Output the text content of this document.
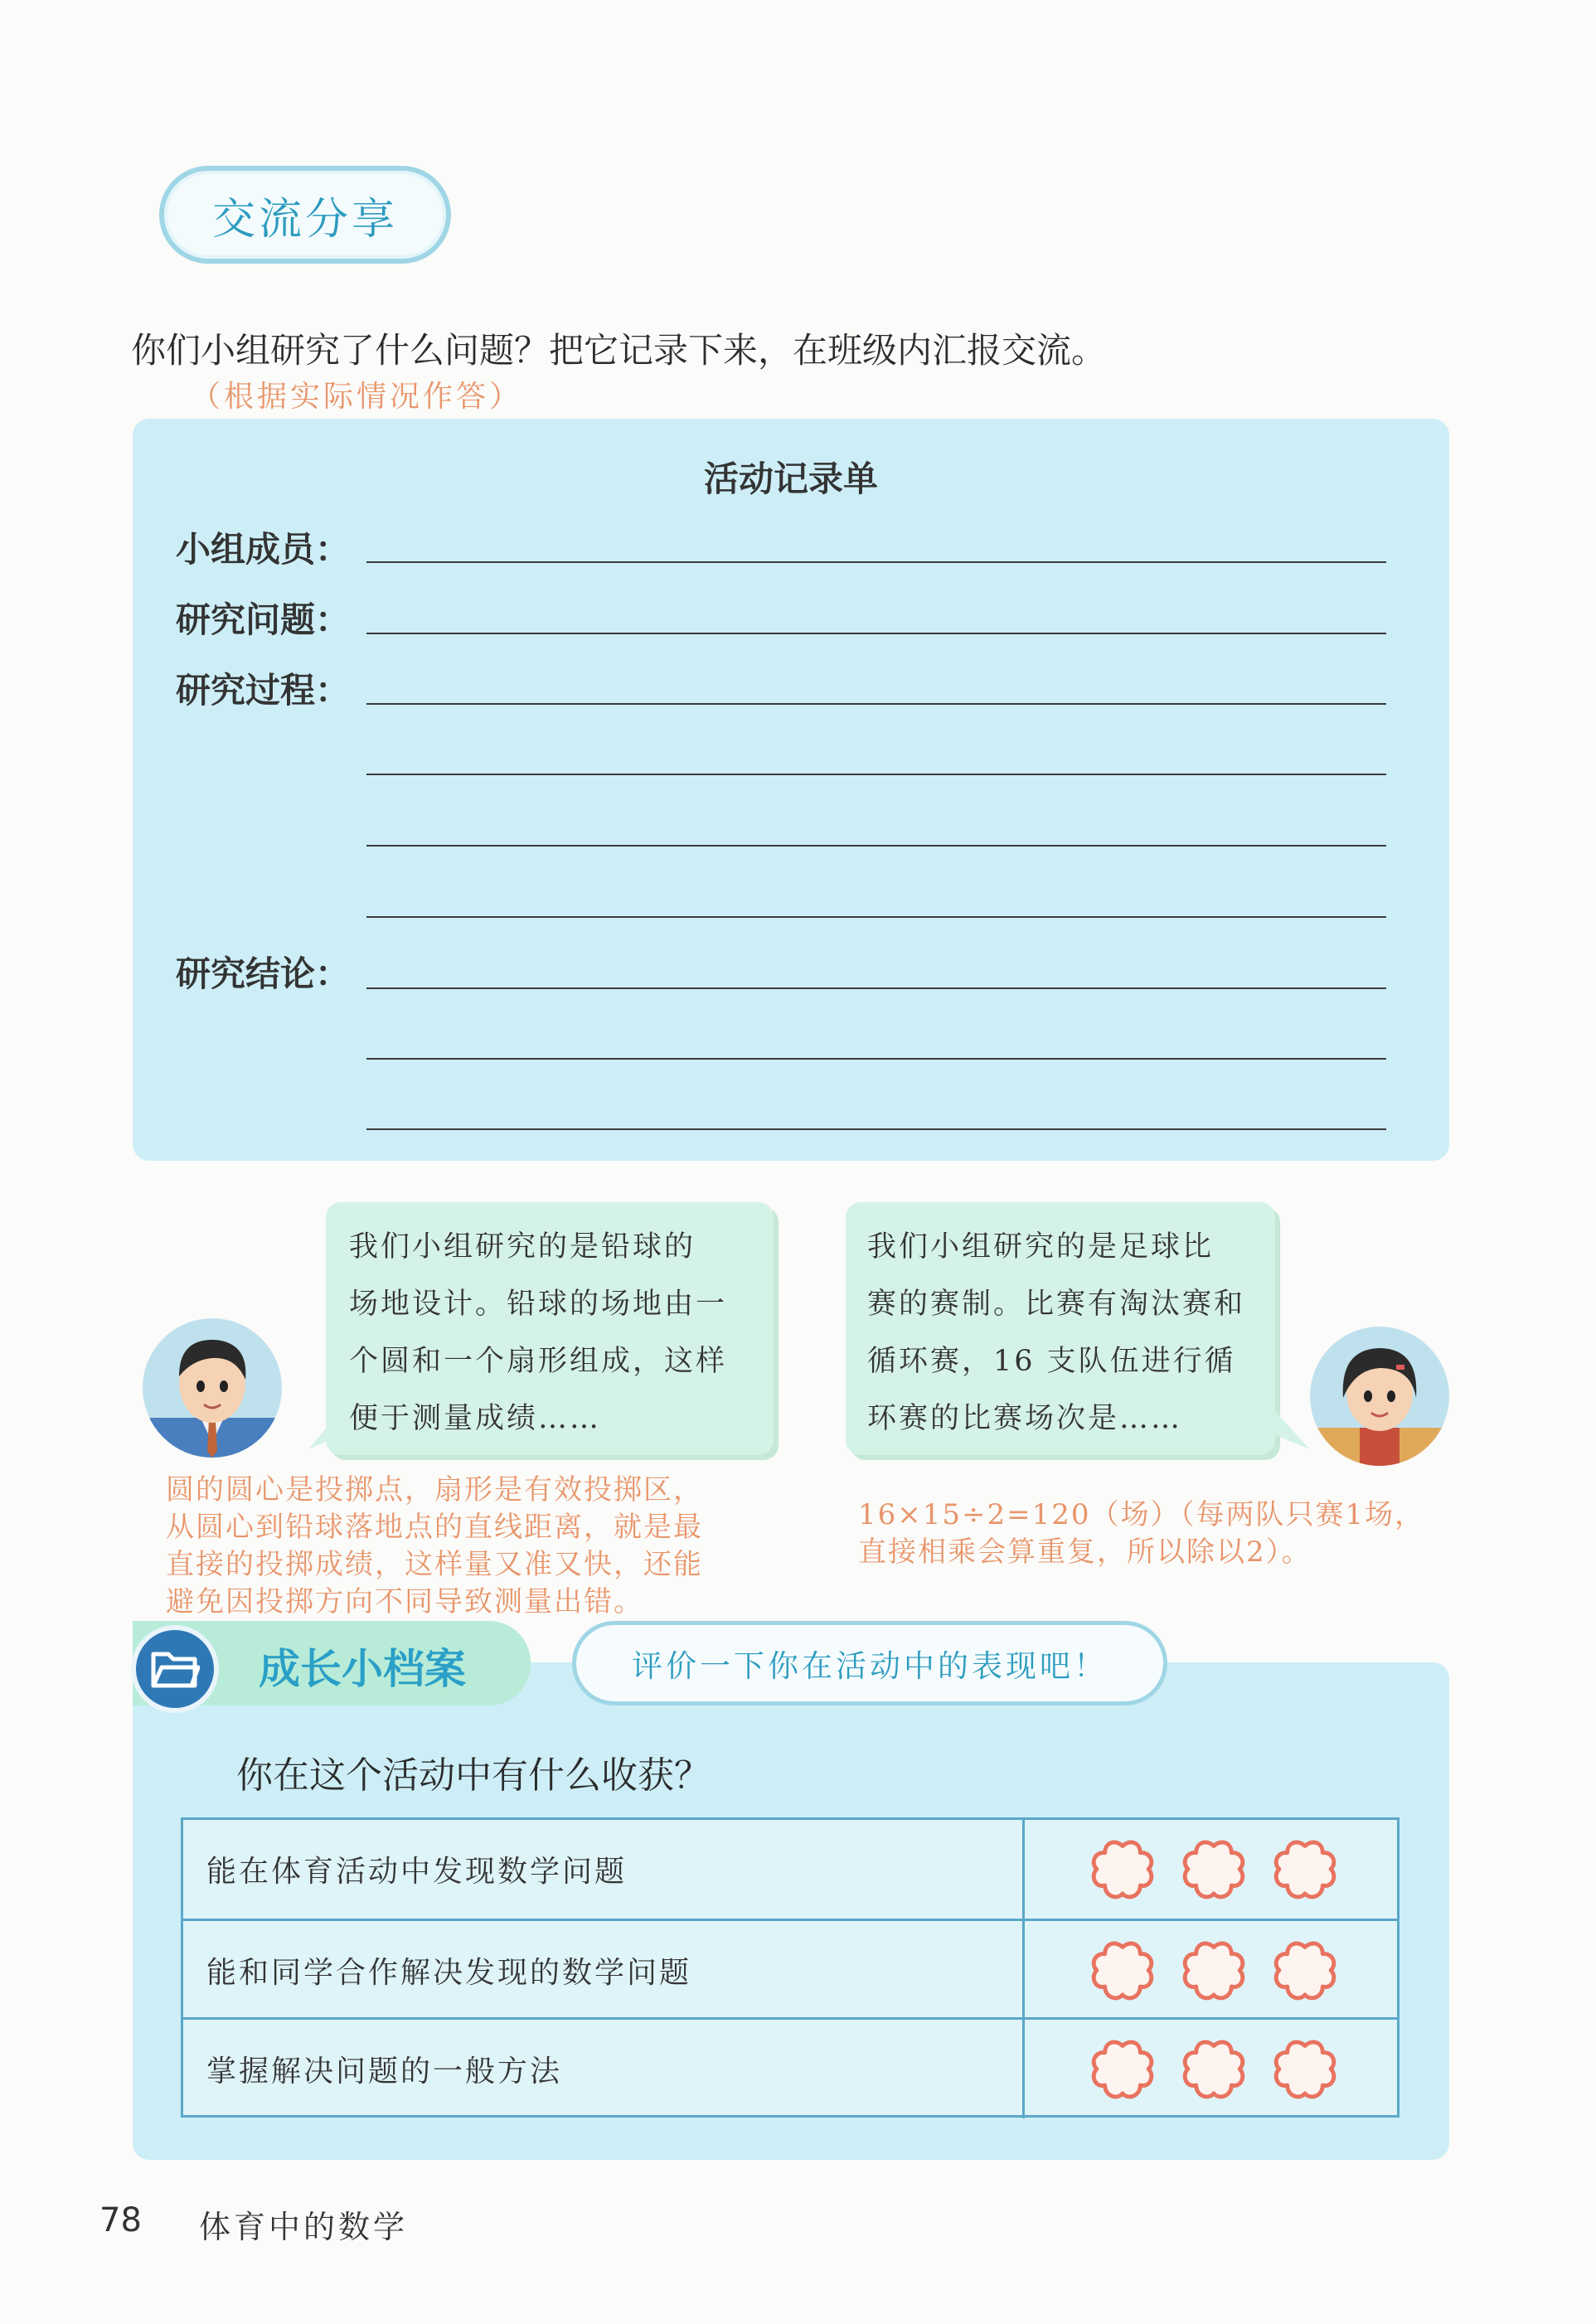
交流分享
你们小组研究了什么问题？把它记录下来，在班级内汇报交流。
（根据实际情况作答）
活动记录单
小组成员：
研究问题：
研究过程：
研究结论：
我们小组研究的是铅球的
场地设计。铅球的场地由一
个圆和一个扇形组成，这样
便于测量成绩……
我们小组研究的是足球比
赛的赛制。比赛有淘汰赛和
循环赛，16 支队伍进行循
环赛的比赛场次是……
圆的圆心是投掷点，扇形是有效投掷区，
从圆心到铅球落地点的直线距离，就是最
直接的投掷成绩，这样量又准又快，还能
避免因投掷方向不同导致测量出错。
16×15÷2=120（场）（每两队只赛1场，
直接相乘会算重复，所以除以2）。
成长小档案	评价一下你在活动中的表现吧！
你在这个活动中有什么收获？
能在体育活动中发现数学问题
能和同学合作解决发现的数学问题
掌握解决问题的一般方法
78 体育中的数学
